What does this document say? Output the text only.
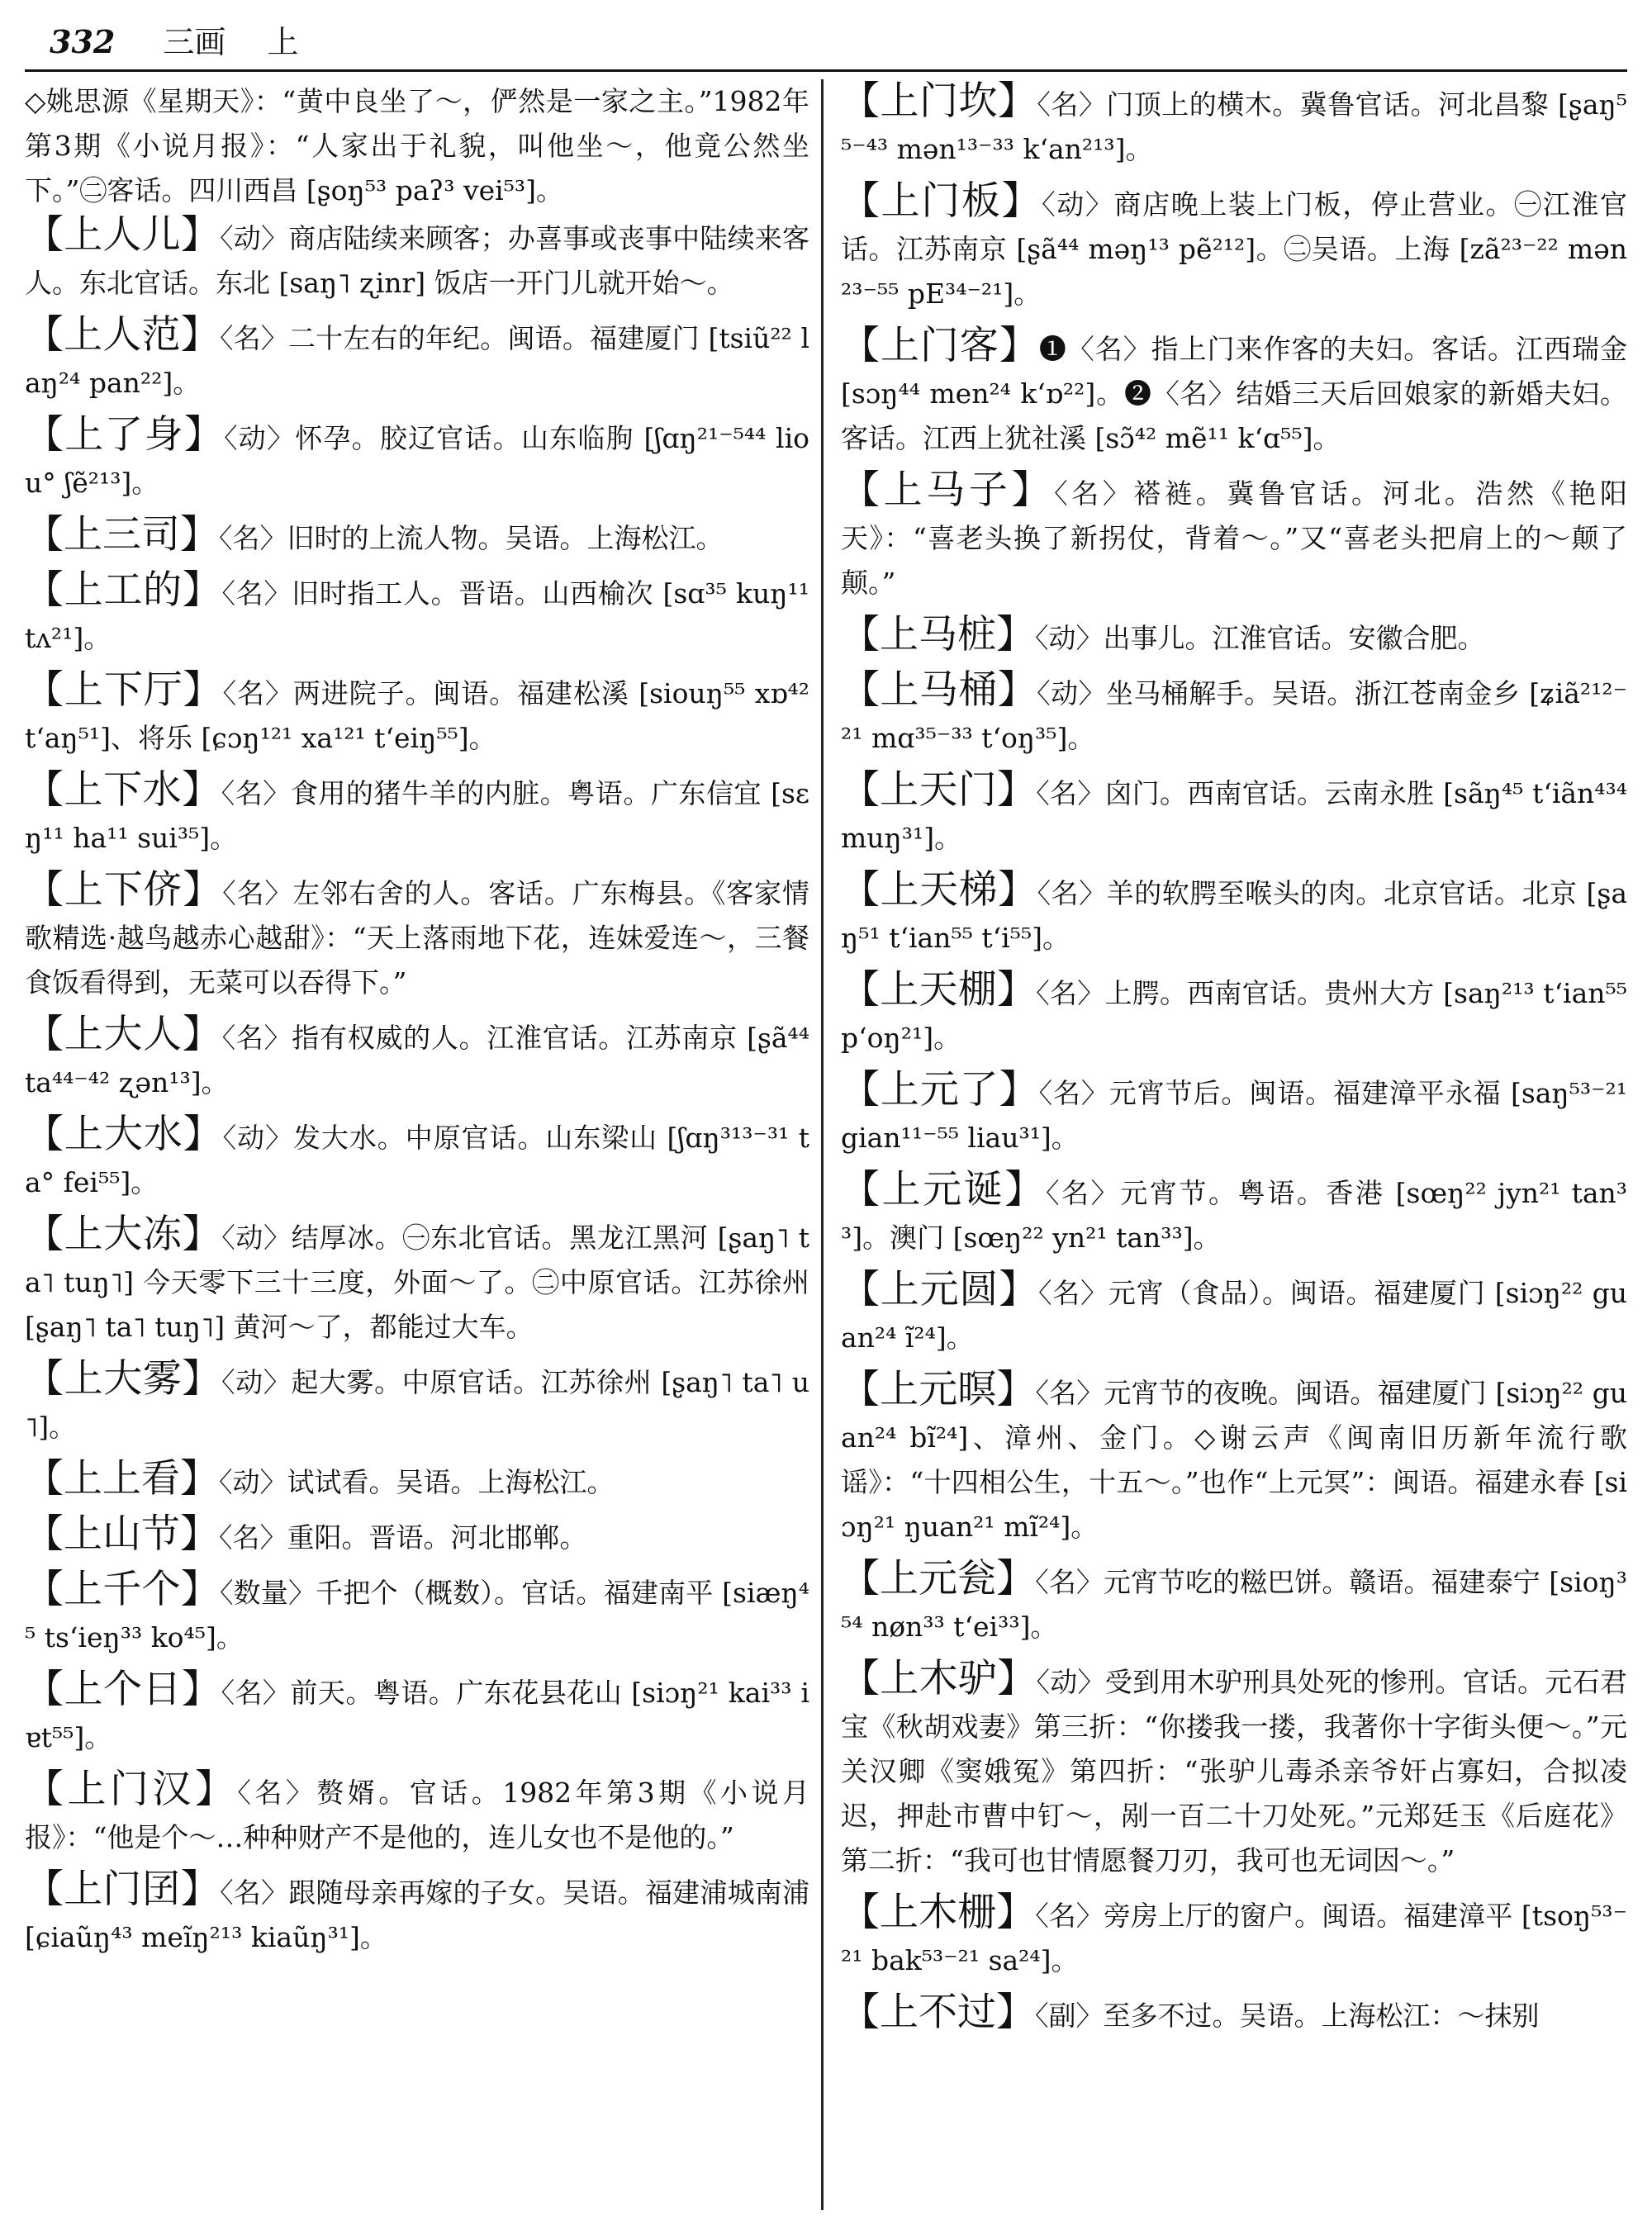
332 三画 上

◇姚思源《星期天》：“黄中良坐了～，俨然是一家之主。”1982年第3期《小说月报》：“人家出于礼貌，叫他坐～，他竟公然坐下。”㊁客话。四川西昌 [ʂoŋ⁵³ paʔ³ vei⁵³]。

【上人儿】〈动〉商店陆续来顾客；办喜事或丧事中陆续来客人。东北官话。东北 [saŋ˥ ʐinr] 饭店一开门儿就开始～。

【上人范】〈名〉二十左右的年纪。闽语。福建厦门 [tsiũ²² laŋ²⁴ pan²²]。

【上了身】〈动〉怀孕。胶辽官话。山东临朐 [ʃɑŋ²¹⁻⁵⁴⁴ liou° ʃẽ²¹³]。

【上三司】〈名〉旧时的上流人物。吴语。上海松江。

【上工的】〈名〉旧时指工人。晋语。山西榆次 [sɑ³⁵ kuŋ¹¹ tʌ²¹]。

【上下厅】〈名〉两进院子。闽语。福建松溪 [siouŋ⁵⁵ xɒ⁴² t‘aŋ⁵¹]、将乐 [ɕɔŋ¹²¹ xa¹²¹ t‘eiŋ⁵⁵]。

【上下水】〈名〉食用的猪牛羊的内脏。粤语。广东信宜 [sɛŋ¹¹ ha¹¹ sui³⁵]。

【上下侪】〈名〉左邻右舍的人。客话。广东梅县。《客家情歌精选·越鸟越赤心越甜》：“天上落雨地下花，连妹爱连～，三餐食饭看得到，无菜可以吞得下。”

【上大人】〈名〉指有权威的人。江淮官话。江苏南京 [ʂã⁴⁴ ta⁴⁴⁻⁴² ʐən¹³]。

【上大水】〈动〉发大水。中原官话。山东梁山 [ʃɑŋ³¹³⁻³¹ ta° fei⁵⁵]。

【上大冻】〈动〉结厚冰。㊀东北官话。黑龙江黑河 [ʂaŋ˥ ta˥ tuŋ˥] 今天零下三十三度，外面～了。㊁中原官话。江苏徐州 [ʂaŋ˥ ta˥ tuŋ˥] 黄河～了，都能过大车。

【上大雾】〈动〉起大雾。中原官话。江苏徐州 [ʂaŋ˥ ta˥ u˥]。

【上上看】〈动〉试试看。吴语。上海松江。

【上山节】〈名〉重阳。晋语。河北邯郸。

【上千个】〈数量〉千把个（概数）。官话。福建南平 [siæŋ⁴⁵ ts‘ieŋ³³ ko⁴⁵]。

【上个日】〈名〉前天。粤语。广东花县花山 [siɔŋ²¹ kai³³ iɐt⁵⁵]。

【上门汉】〈名〉赘婿。官话。1982年第3期《小说月报》：“他是个～…种种财产不是他的，连儿女也不是他的。”

【上门囝】〈名〉跟随母亲再嫁的子女。吴语。福建浦城南浦 [ɕiaũŋ⁴³ meĩŋ²¹³ kiaũŋ³¹]。

【上门坎】〈名〉门顶上的横木。冀鲁官话。河北昌黎 [ʂaŋ⁵⁵⁻⁴³ mən¹³⁻³³ k‘an²¹³]。

【上门板】〈动〉商店晚上装上门板，停止营业。㊀江淮官话。江苏南京 [ʂã⁴⁴ məŋ¹³ pẽ²¹²]。㊁吴语。上海 [zã²³⁻²² mən²³⁻⁵⁵ pE³⁴⁻²¹]。

【上门客】❶〈名〉指上门来作客的夫妇。客话。江西瑞金 [sɔŋ⁴⁴ men²⁴ k‘ɒ²²]。❷〈名〉结婚三天后回娘家的新婚夫妇。客话。江西上犹社溪 [sɔ̃⁴² mẽ¹¹ k‘ɑ⁵⁵]。

【上马子】〈名〉褡裢。冀鲁官话。河北。浩然《艳阳天》：“喜老头换了新拐仗，背着～。”又“喜老头把肩上的～颠了颠。”

【上马桩】〈动〉出事儿。江淮官话。安徽合肥。

【上马桶】〈动〉坐马桶解手。吴语。浙江苍南金乡 [ʑiã²¹²⁻²¹ mɑ³⁵⁻³³ t‘oŋ³⁵]。

【上天门】〈名〉囟门。西南官话。云南永胜 [sãŋ⁴⁵ t‘iãn⁴³⁴ muŋ³¹]。

【上天梯】〈名〉羊的软腭至喉头的肉。北京官话。北京 [ʂaŋ⁵¹ t‘ian⁵⁵ t‘i⁵⁵]。

【上天棚】〈名〉上腭。西南官话。贵州大方 [saŋ²¹³ t‘ian⁵⁵ p‘oŋ²¹]。

【上元了】〈名〉元宵节后。闽语。福建漳平永福 [saŋ⁵³⁻²¹ gian¹¹⁻⁵⁵ liau³¹]。

【上元诞】〈名〉元宵节。粤语。香港 [sœŋ²² jyn²¹ tan³³]。澳门 [sœŋ²² yn²¹ tan³³]。

【上元圆】〈名〉元宵（食品）。闽语。福建厦门 [siɔŋ²² guan²⁴ ĩ²⁴]。

【上元暝】〈名〉元宵节的夜晚。闽语。福建厦门 [siɔŋ²² guan²⁴ bĩ²⁴]、漳州、金门。◇谢云声《闽南旧历新年流行歌谣》：“十四相公生，十五～。”也作“上元冥”：闽语。福建永春 [siɔŋ²¹ ŋuan²¹ mĩ²⁴]。

【上元瓮】〈名〉元宵节吃的糍巴饼。赣语。福建泰宁 [sioŋ³⁵⁴ nøn³³ t‘ei³³]。

【上木驴】〈动〉受到用木驴刑具处死的惨刑。官话。元石君宝《秋胡戏妻》第三折：“你搂我一搂，我著你十字街头便～。”元关汉卿《窦娥冤》第四折：“张驴儿毒杀亲爷奸占寡妇，合拟凌迟，押赴市曹中钉～，剐一百二十刀处死。”元郑廷玉《后庭花》第二折：“我可也甘情愿餐刀刃，我可也无词因～。”

【上木栅】〈名〉旁房上厅的窗户。闽语。福建漳平 [tsoŋ⁵³⁻²¹ bak⁵³⁻²¹ sa²⁴]。

【上不过】〈副〉至多不过。吴语。上海松江：～抹别
